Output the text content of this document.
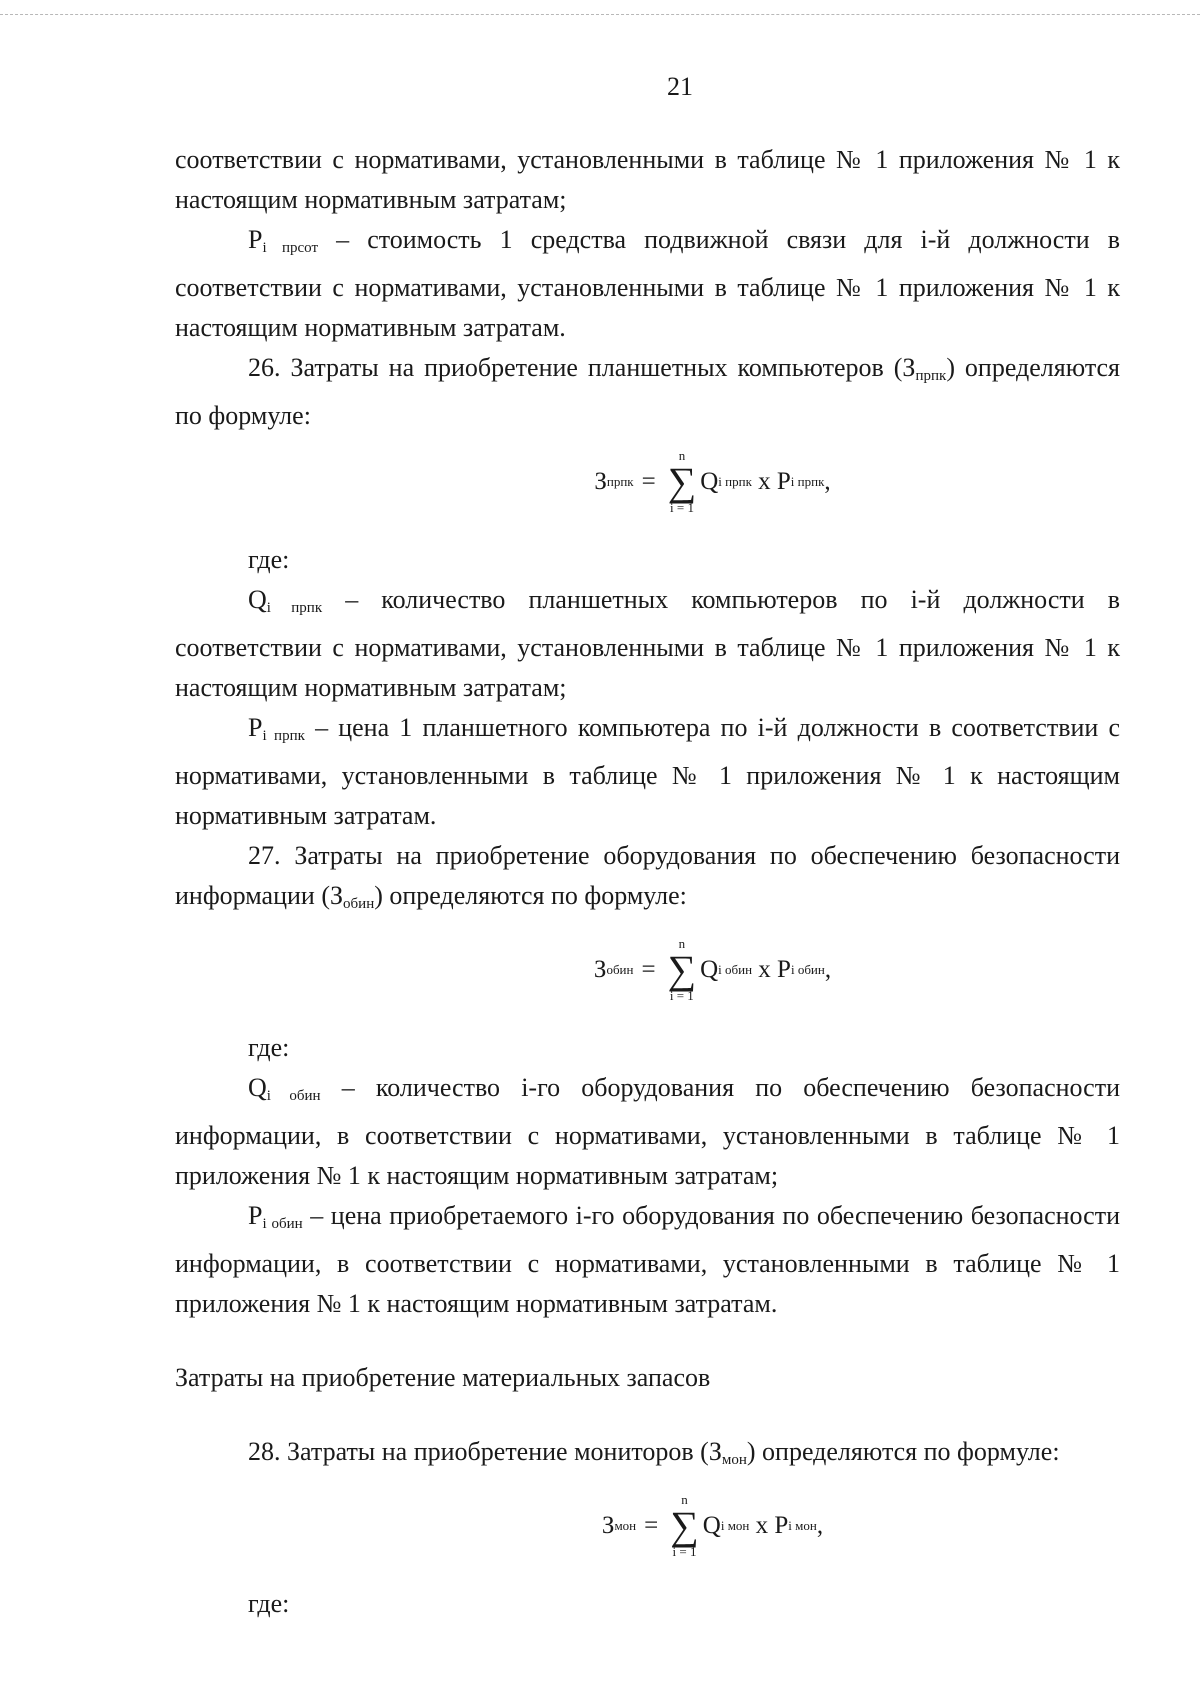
21

соответствии с нормативами, установленными в таблице № 1 приложения № 1 к настоящим нормативным затратам;

$P_{i прсот}$ – стоимость 1 средства подвижной связи для i-й должности в соответствии с нормативами, установленными в таблице № 1 приложения № 1 к настоящим нормативным затратам.

26. Затраты на приобретение планшетных компьютеров $(З_{прпк})$ определяются по формуле:

З прпк =
n
∑
i = 1
Q i прпк x P i прпк ,

где:

$Q_{i прпк}$ – количество планшетных компьютеров по i-й должности в соответствии с нормативами, установленными в таблице № 1 приложения № 1 к настоящим нормативным затратам;

$P_{i прпк}$ – цена 1 планшетного компьютера по i-й должности в соответствии с нормативами, установленными в таблице № 1 приложения № 1 к настоящим нормативным затратам.

27. Затраты на приобретение оборудования по обеспечению безопасности информации $(З_{обин})$ определяются по формуле:

З обин =
n
∑
i = 1
Q i обин x P i обин ,

где:

$Q_{i обин}$ – количество i-го оборудования по обеспечению безопасности информации, в соответствии с нормативами, установленными в таблице № 1 приложения № 1 к настоящим нормативным затратам;

$P_{i обин}$ – цена приобретаемого i-го оборудования по обеспечению безопасности информации, в соответствии с нормативами, установленными в таблице № 1 приложения № 1 к настоящим нормативным затратам.

Затраты на приобретение материальных запасов

28. Затраты на приобретение мониторов $(З_{мон})$ определяются по формуле:

З мон =
n
∑
i = 1
Q i мон x P i мон ,

где:
